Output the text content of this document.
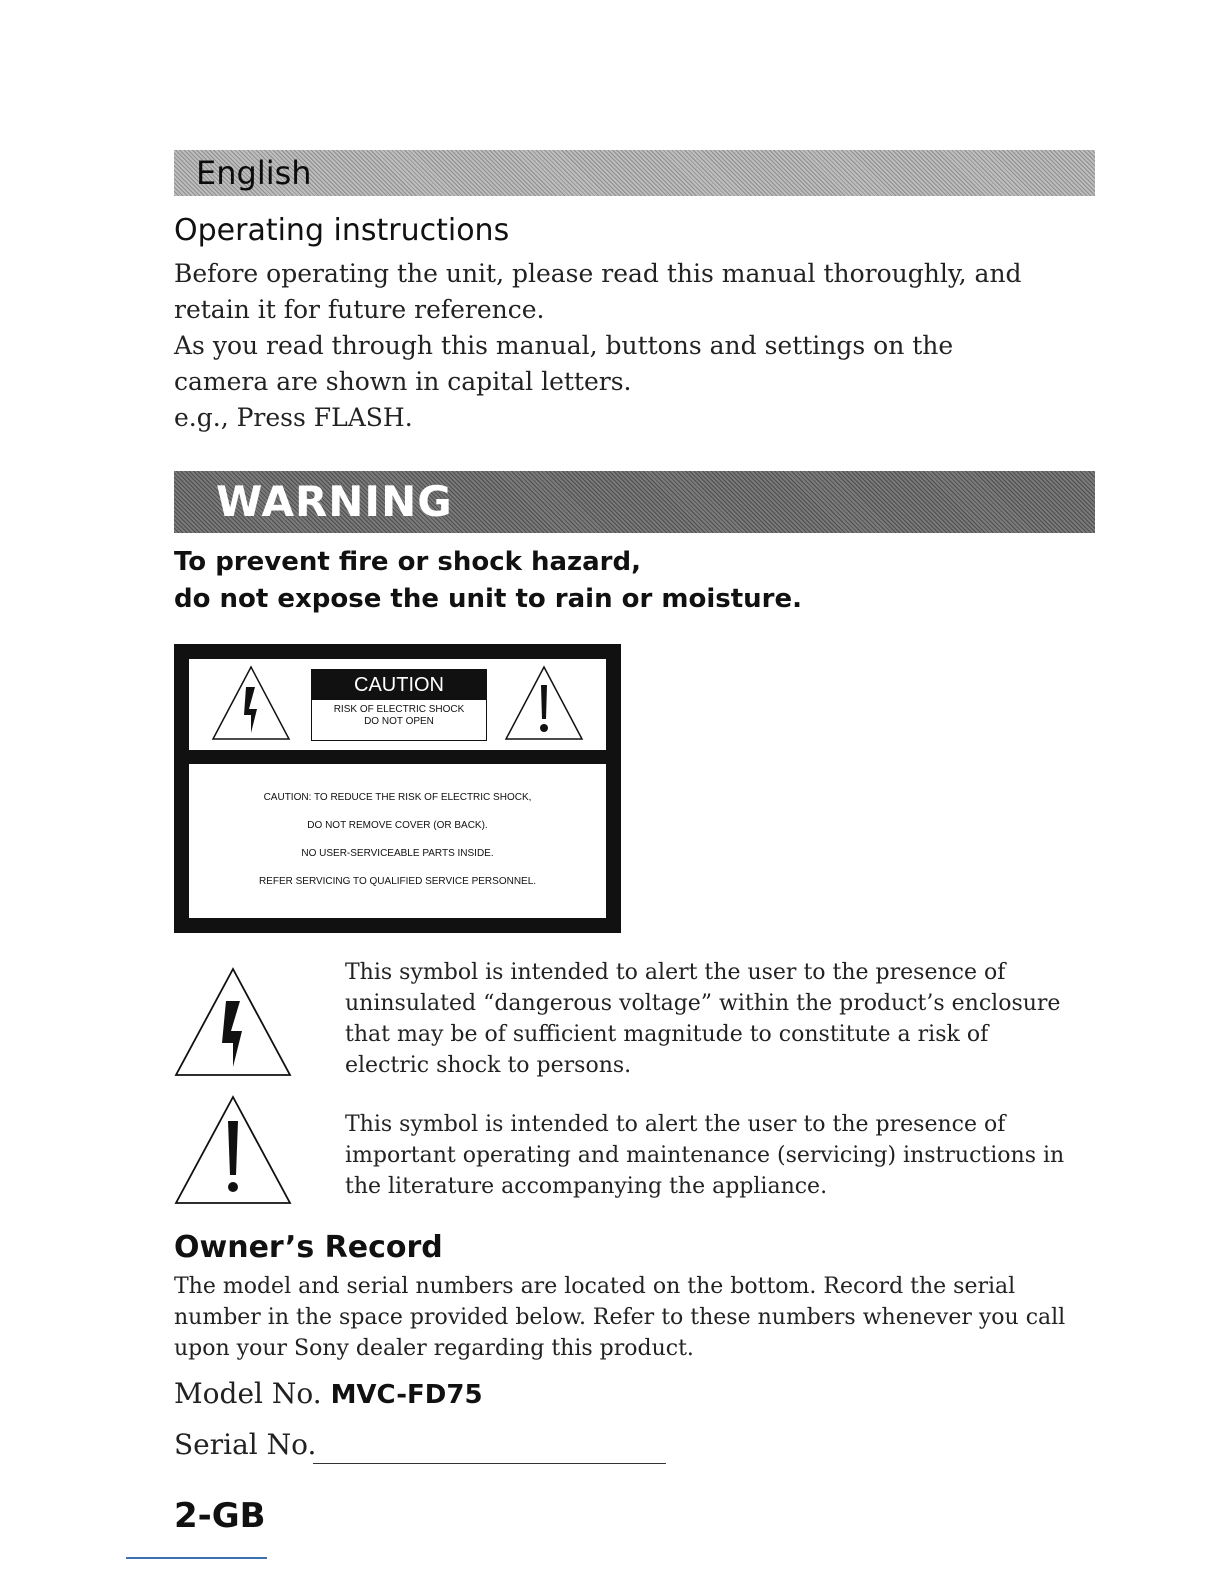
English
Operating instructions

Before operating the unit, please read this manual thoroughly, and retain it for future reference.

As you read through this manual, buttons and settings on the camera are shown in capital letters.

e.g., Press FLASH.

WARNING
To prevent fire or shock hazard,
do not expose the unit to rain or moisture.
CAUTION
RISK OF ELECTRIC SHOCK
DO NOT OPEN
CAUTION: TO REDUCE THE RISK OF ELECTRIC SHOCK,
DO NOT REMOVE COVER (OR BACK).
NO USER-SERVICEABLE PARTS INSIDE.
REFER SERVICING TO QUALIFIED SERVICE PERSONNEL.

This symbol is intended to alert the user to the presence of uninsulated “dangerous voltage” within the product’s enclosure that may be of sufficient magnitude to constitute a risk of electric shock to persons.

This symbol is intended to alert the user to the presence of important operating and maintenance (servicing) instructions in the literature accompanying the appliance.

Owner’s Record

The model and serial numbers are located on the bottom. Record the serial number in the space provided below. Refer to these numbers whenever you call upon your Sony dealer regarding this product.

Model No. MVC-FD75
Serial No.

2-GB
